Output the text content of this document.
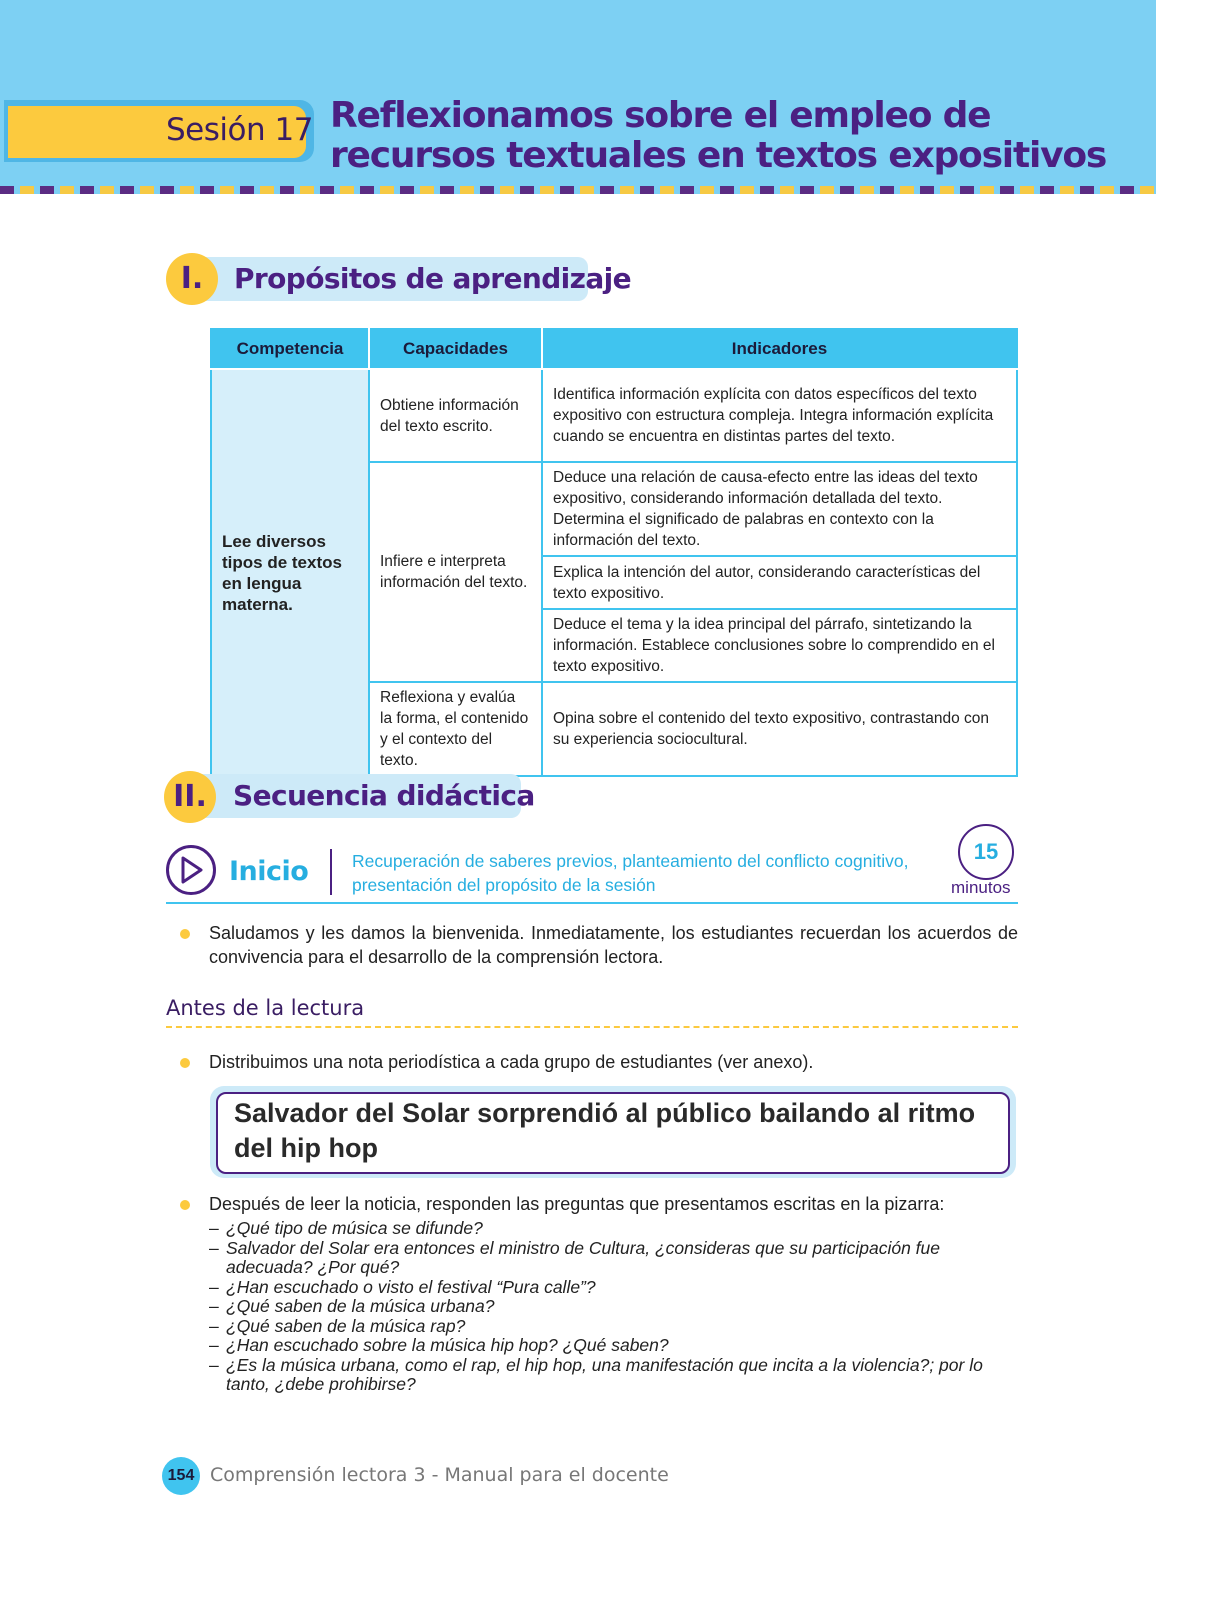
Sesión 17 Reflexionamos sobre el empleo de
recursos textuales en textos expositivos
I.	Propósitos de aprendizaje
Competencia	Capacidades	Indicadores
Lee diversos tipos de textos en lengua materna.	Obtiene información del texto escrito.	Identifica información explícita con datos específicos del texto expositivo con estructura compleja. Integra información explícita cuando se encuentra en distintas partes del texto.
	Infiere e interpreta información del texto.	Deduce una relación de causa-efecto entre las ideas del texto expositivo, considerando información detallada del texto. Determina el significado de palabras en contexto con la información del texto.
		Explica la intención del autor, considerando características del texto expositivo.
		Deduce el tema y la idea principal del párrafo, sintetizando la información. Establece conclusiones sobre lo comprendido en el texto expositivo.
	Reflexiona y evalúa la forma, el contenido y el contexto del texto.	Opina sobre el contenido del texto expositivo, contrastando con su experiencia sociocultural.
II. Secuencia didáctica
Inicio Recuperación de saberes previos, planteamiento del conflicto cognitivo, presentación del propósito de la sesión
15
minutos
Saludamos y les damos la bienvenida. Inmediatamente, los estudiantes recuerdan los acuerdos de convivencia para el desarrollo de la comprensión lectora.
Antes de la lectura
Distribuimos una nota periodística a cada grupo de estudiantes (ver anexo).
Salvador del Solar sorprendió al público bailando al ritmo del hip hop
Después de leer la noticia, responden las preguntas que presentamos escritas en la pizarra:
– ¿Qué tipo de música se difunde?
– Salvador del Solar era entonces el ministro de Cultura, ¿consideras que su participación fue adecuada? ¿Por qué?
– ¿Han escuchado o visto el festival “Pura calle”?
– ¿Qué saben de la música urbana?
– ¿Qué saben de la música rap?
– ¿Han escuchado sobre la música hip hop? ¿Qué saben?
– ¿Es la música urbana, como el rap, el hip hop, una manifestación que incita a la violencia?; por lo tanto, ¿debe prohibirse?
154 Comprensión lectora 3 - Manual para el docente
